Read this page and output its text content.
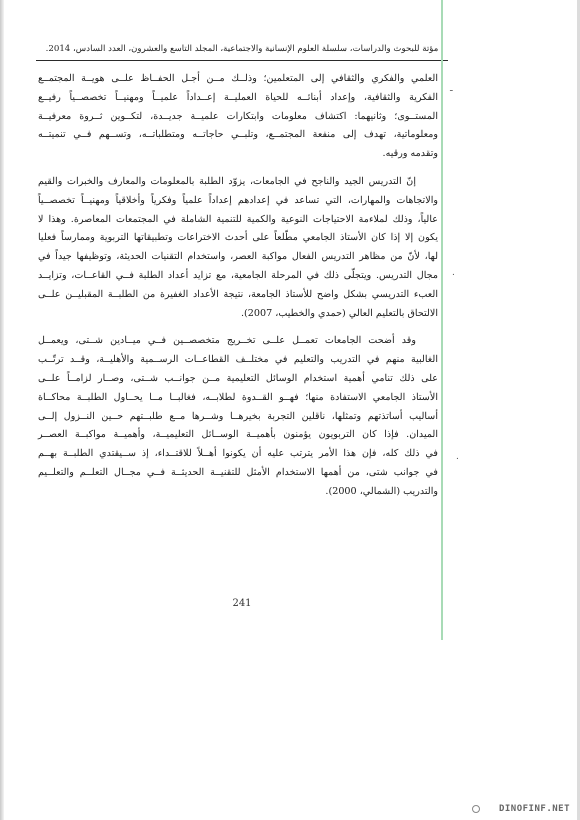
مؤتة للبحوث والدراسات، سلسلة العلوم الإنسانية والاجتماعية، المجلد التاسع والعشرون، العدد السادس، 2014.
ـ
.
.

العلمي والفكري والثقافي إلى المتعلمين؛ وذلــك مــن أجـل الحفــاظ علــى هويــة المجتمــع
الفكرية والثقافية، وإعداد أبنائــه للحياة العمليــة إعــداداً علميــاً ومهنيــاً تخصصــياً رفيــع
المستــوى؛ وثانيهما: اكتشاف معلومات وابتكارات علميــة جديــدة، لتكــوين ثــروة معرفيــة
ومعلوماتية، تهدف إلى منفعة المجتمــع، وتلبــي حاجاتــه ومتطلباتــه، وتســهم فــي تنميتــه
وتقدمه ورقيه.

إنّ التدريس الجيد والناجح في الجامعات، يزوّد الطلبة بالمعلومات والمعارف والخبرات والقيم
والاتجاهات والمهارات، التي تساعد في إعدادهم إعداداً علمياً وفكرياً وأخلاقياً ومهنيــاً تخصصــياً
عالياً، وذلك لملاءمة الاحتياجات النوعية والكمية للتنمية الشاملة في المجتمعات المعاصرة. وهذا لا
يكون إلا إذا كان الأستاذ الجامعي مطّلعاً على أحدث الاختراعات وتطبيقاتها التربوية وممارساً فعليا
لها، لأنّ من مظاهر التدريس الفعال مواكبة العصر، واستخدام التقنيات الحديثة، وتوظيفها جيداً في
مجال التدريس. ويتجلّى ذلك في المرحلة الجامعية، مع تزايد أعداد الطلبة فــي القاعــات، وتزايــد
العبء التدريسي بشكل واضح للأستاذ الجامعة، نتيجة الأعداد الغفيرة من الطلبــة المقبليــن علــى
الالتحاق بالتعليم العالي (حمدي والخطيب، 2007).

وقد أضحت الجامعات تعمــل علــى تخــريج متخصصــين فــي ميــادين شــتى، ويعمــل
الغالبية منهم في التدريب والتعليم في مختلــف القطاعــات الرســمية والأهليــة، وقــد ترتّــب
على ذلك تنامي أهمية استخدام الوسائل التعليمية مــن جوانــب شــتى، وصــار لزامــاً علــى
الأستاذ الجامعي الاستفادة منها؛ فهــو القــدوة لطلابــه، فغالبــا مــا يحــاول الطلبــة محاكــاة
أساليب أساتذتهم وتمثلها، ناقلين التجربة بخيرهــا وشــرها مــع طلبــتهم حــين النــزول إلــى
الميدان. فإذا كان التربويون يؤمنون بأهميــة الوســائل التعليميــة، وأهميــة مواكبــة العصــر
في ذلك كله، فإن هذا الأمر يترتب عليه أن يكونوا أهــلاً للاقتــداء، إذ ســيقتدي الطلبــة بهــم
في جوانب شتى، من أهمها الاستخدام الأمثل للتقنيــة الحديثــة فــي مجــال التعلــم والتعلــيم
والتدريب (الشمالي، 2000).

241
DINOFINF.NET
